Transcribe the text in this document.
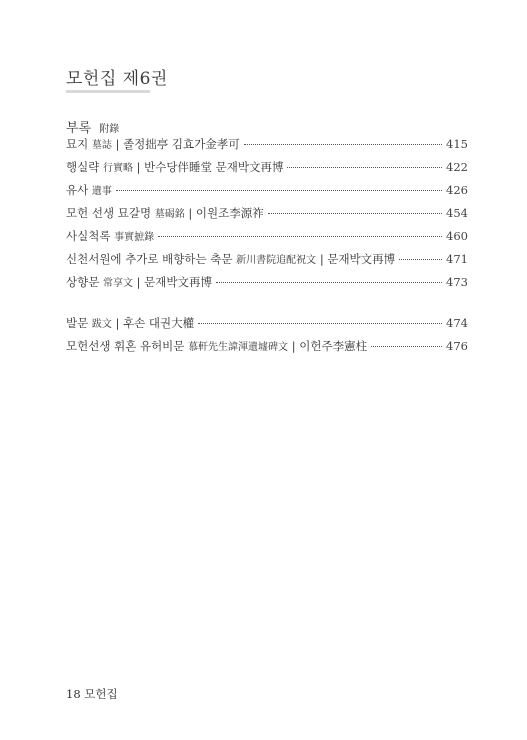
모헌집 제6권
부록 附錄
묘지 墓誌 | 졸정拙亭 김효가金孝可	415
행실략 行實略 | 반수당伴睡堂 문재박文再博	422
유사 遺事	426
모헌 선생 묘갈명 墓碣銘 | 이원조李源祚	454
사실척록 事實摭錄	460
신천서원에 추가로 배향하는 축문 新川書院追配祝文 | 문재박文再博	471
상향문 常享文 | 문재박文再博	473
발문 跋文 | 후손 대권大權	474
모헌선생 휘혼 유허비문 慕軒先生諱渾遺墟碑文 | 이헌주李憲柱	476
18 모헌집
